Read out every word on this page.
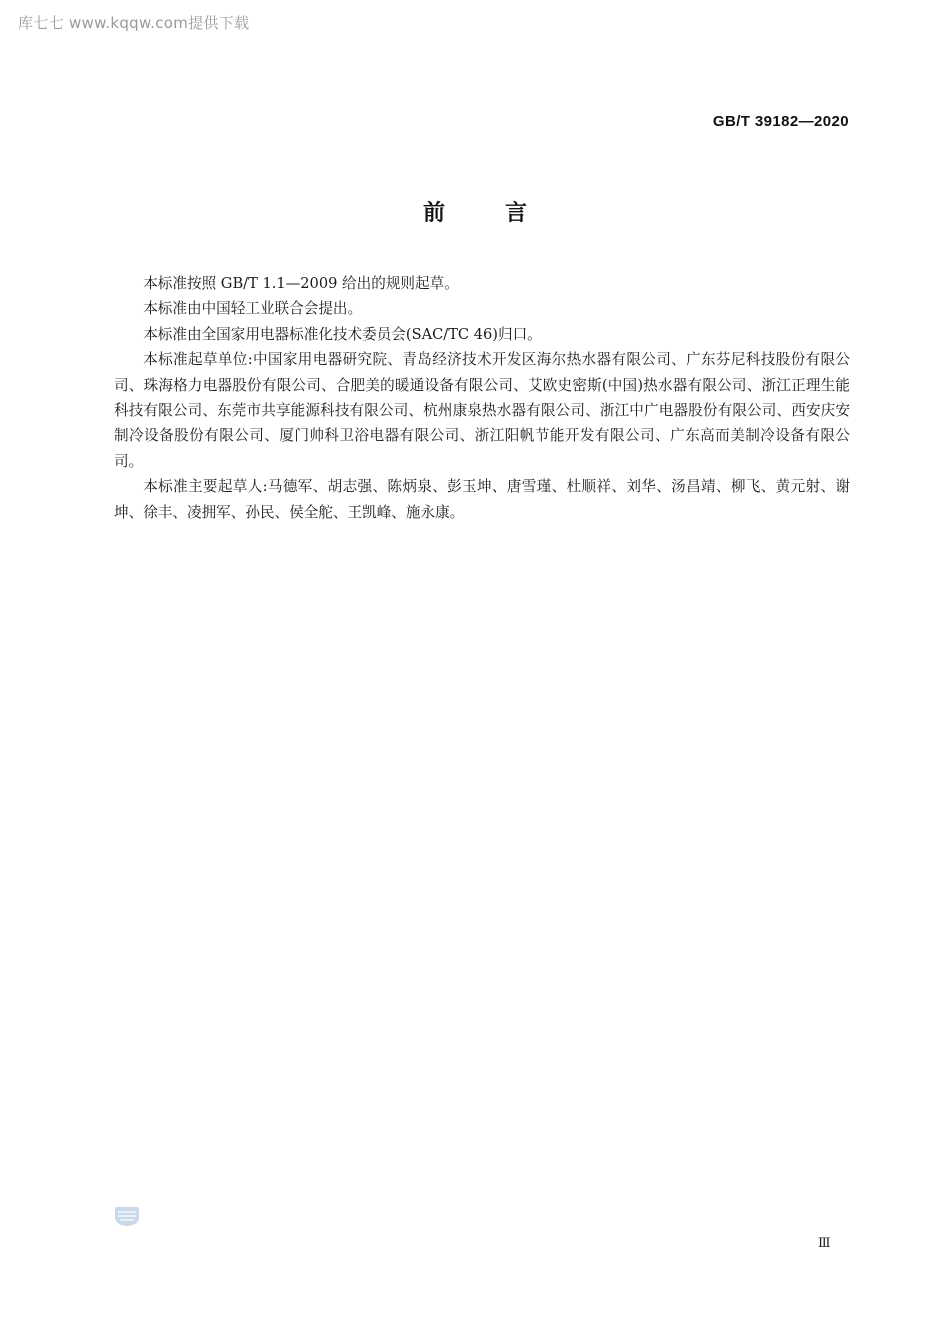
库七七 www.kqqw.com提供下载
GB/T 39182—2020
前言

本标准按照 GB/T 1.1—2009 给出的规则起草。

本标准由中国轻工业联合会提出。

本标准由全国家用电器标准化技术委员会(SAC/TC 46)归口。

本标准起草单位:中国家用电器研究院、青岛经济技术开发区海尔热水器有限公司、广东芬尼科技股份有限公司、珠海格力电器股份有限公司、合肥美的暖通设备有限公司、艾欧史密斯(中国)热水器有限公司、浙江正理生能科技有限公司、东莞市共享能源科技有限公司、杭州康泉热水器有限公司、浙江中广电器股份有限公司、西安庆安制冷设备股份有限公司、厦门帅科卫浴电器有限公司、浙江阳帆节能开发有限公司、广东高而美制冷设备有限公司。

本标准主要起草人:马德军、胡志强、陈炳泉、彭玉坤、唐雪瑾、杜顺祥、刘华、汤昌靖、柳飞、黄元射、谢坤、徐丰、凌拥军、孙民、侯全舵、王凯峰、施永康。

Ⅲ
